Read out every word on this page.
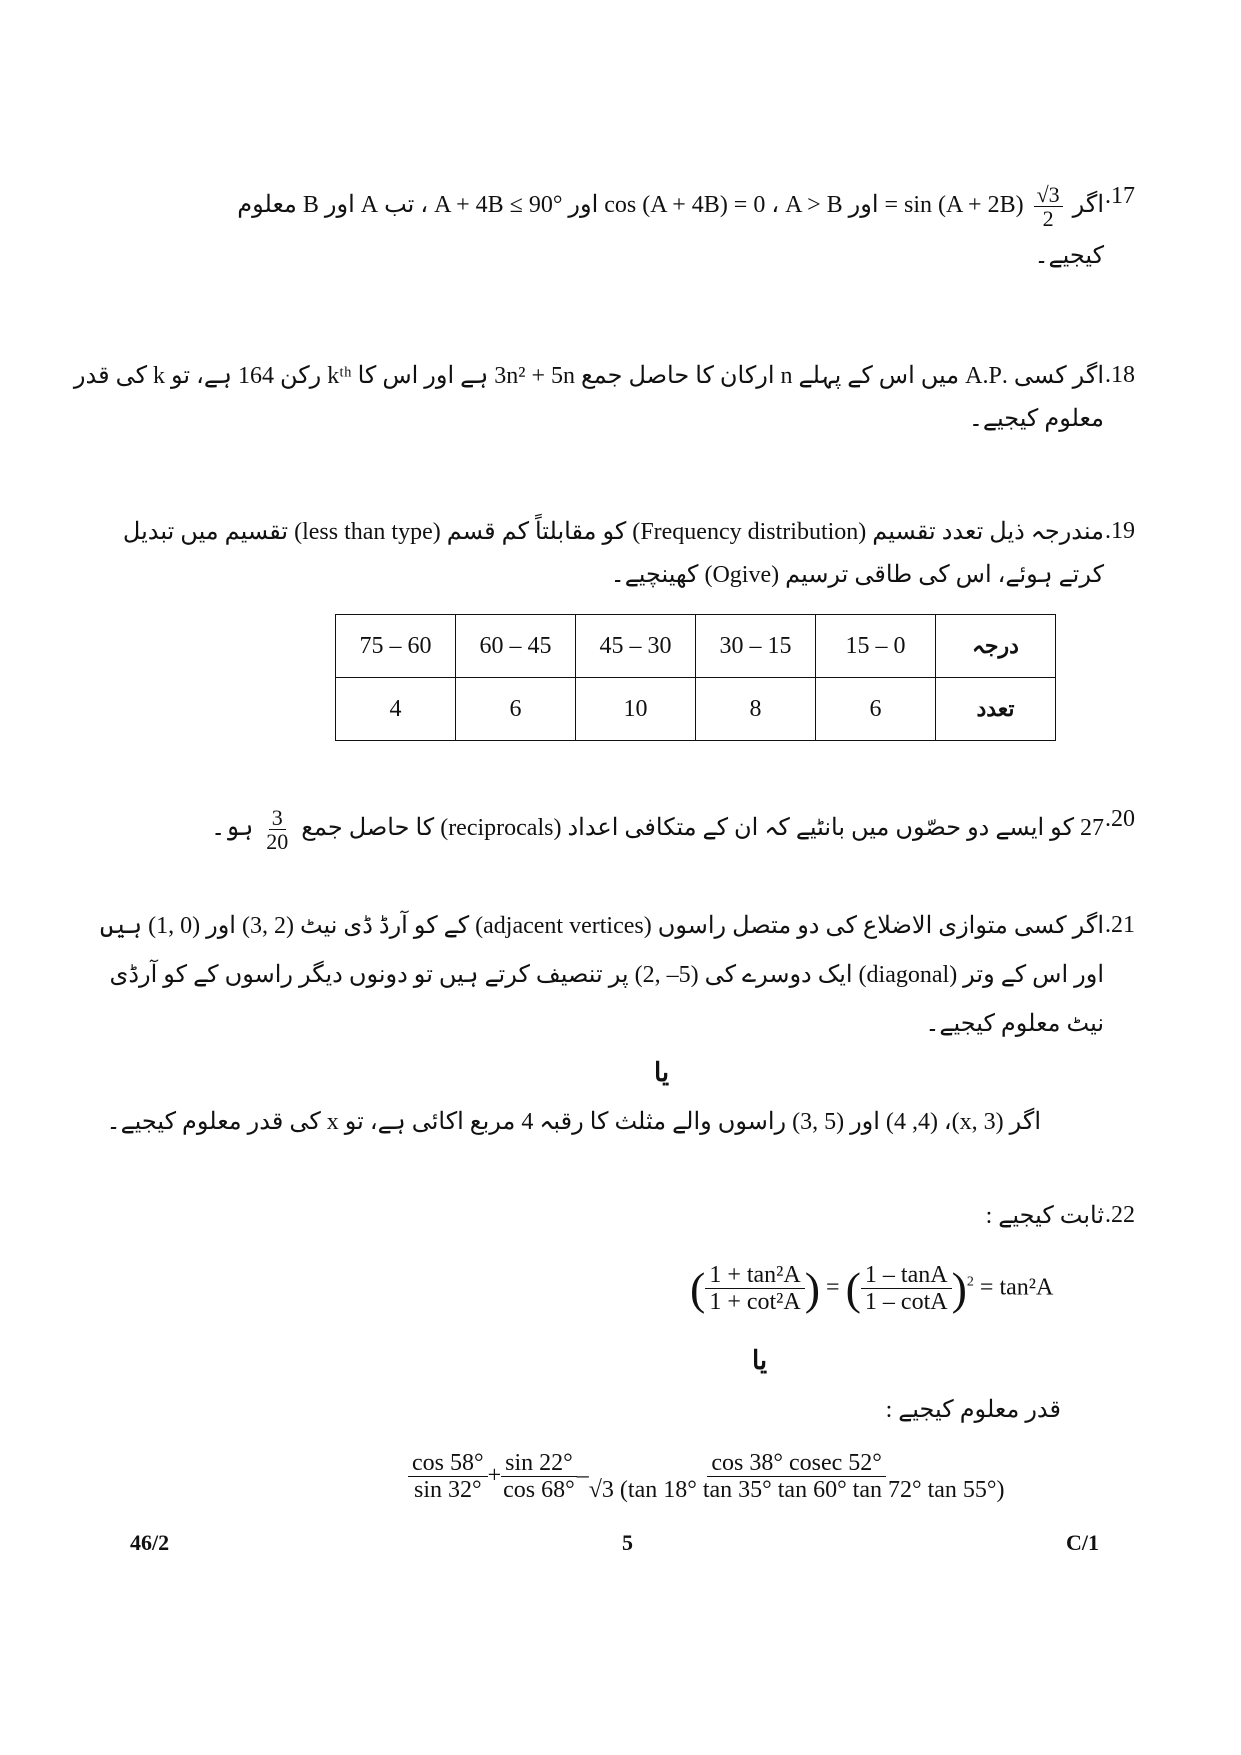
.17
اگر
$\frac{√3}{2}$
sin (A + 2B) = اور cos (A + 4B) = 0 ، A > B اور A + 4B ≤ 90° ، تب A اور B معلوم
کیجیے۔
.18
اگر کسی .A.P میں اس کے پہلے n ارکان کا حاصل جمع 3n² + 5n ہے اور اس کا kᵗʰ رکن 164 ہے، تو k کی قدر
معلوم کیجیے۔
.19
مندرجہ ذیل تعدد تقسیم (Frequency distribution) کو مقابلتاً کم قسم (less than type) تقسیم میں تبدیل
کرتے ہوئے، اس کی طاقی ترسیم (Ogive) کھینچیے۔
درجہ	0 – 15	15 – 30	30 – 45	45 – 60	60 – 75
تعدد	6	8	10	6	4
.20
27 کو ایسے دو حصّوں میں بانٹیے کہ ان کے متکافی اعداد (reciprocals) کا حاصل جمع
$\frac{3}{20}$
ہو۔
.21
اگر کسی متوازی الاضلاع کی دو متصل راسوں (adjacent vertices) کے کو آرڈ ڈی نیٹ (2 ,3) اور (0 ,1) ہیں
اور اس کے وتر (diagonal) ایک دوسرے کی (5– ,2) پر تنصیف کرتے ہیں تو دونوں دیگر راسوں کے کو آرڈی
نیٹ معلوم کیجیے۔
یا
اگر (x, 3)، (4 ,4) اور (5 ,3) راسوں والے مثلث کا رقبہ 4 مربع اکائی ہے، تو x کی قدر معلوم کیجیے۔
.22
ثابت کیجیے :
( $\frac{\text{1 + tan²A}}{\text{1 + cot²A}}$ ) = ( $\frac{1 - \tan A}{1 - \cot A} )^2 = \tan^2A$
یا
قدر معلوم کیجیے :
$\frac{\cos 58^\circ}{\sin 32^\circ} + \frac{\sin 22^\circ}{\cos 68^\circ} - \frac{\cos 38^\circ cosec 52^\circ}{√3 (\tan 18^\circ \tan 35^\circ \tan 60^\circ \tan 72^\circ \tan 55^\circ)}$
46/2	5	C/1
